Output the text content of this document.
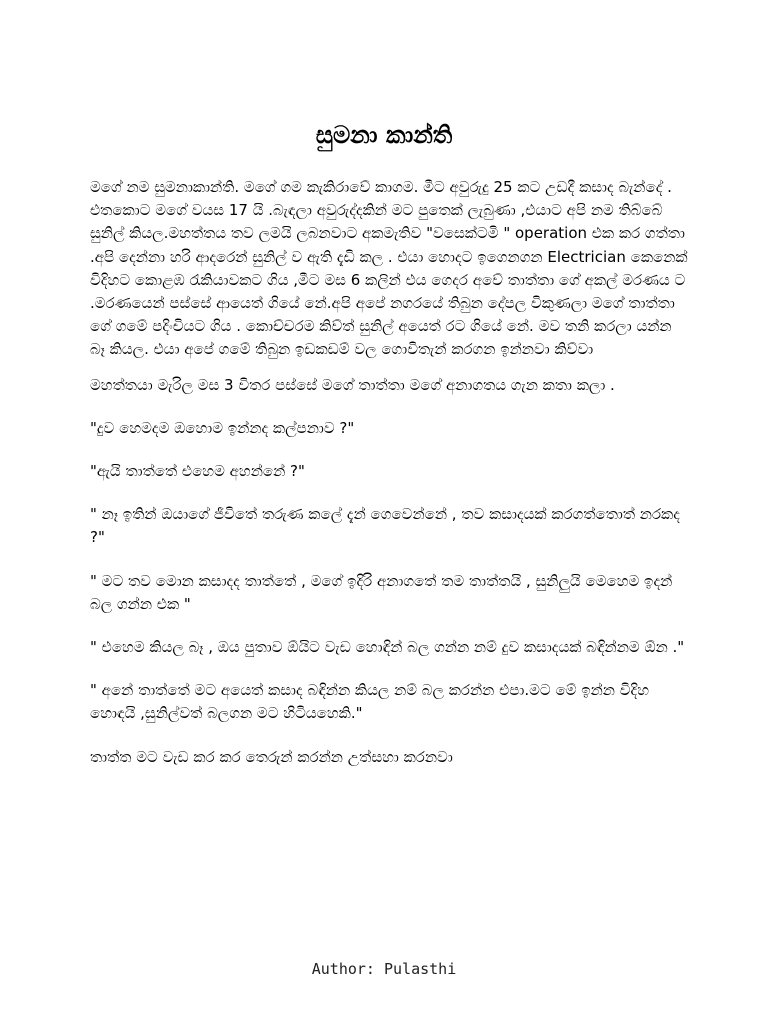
සුමනා කාන්ති

මගේ නම සුමනාකාන්ති. මගේ ගම කැකිරාවේ කාගම. මීට අවුරුදු 25 කට උඩදී කසාද බැන්දේ . එතකොට මගේ වයස 17 යි .බැඳලා අවුරුද්දකින් මට පුතෙක් ලැබුණා ,එයාට අපි නම තිබ්බේ සුනිල් කියල.මහත්තය තව ලමයි ලබනවාට අකමැතිව "වසෙක්ටමි " operation එක කර ගත්තා .අපි දෙන්නා හරි ආදරෙන් සුනිල් ව ඇති දැඩි කල . එයා හොදට ඉගෙනගන Electrician කෙනෙක් විදිහට කොළඹ රැකියාවකට ගිය ,මීට මස 6 කලින් එය ගෙදර අවේ තාත්තා ගේ අකල් මරණය ට .මරණයෙන් පස්සේ ආයෙත් ගියේ නේ.අපි අපේ නගරයේ තිබුන දේපල විකුණලා මගේ තාත්තා ගේ ගමේ පදිංචියට ගිය . කොච්චරම කිව්ත් සුනිල් අයෙත් රට ගියේ නේ. මව තනි කරලා යන්න බෑ කියල. එයා අපේ ගමේ තිබුන ඉඩකඩම් වල ගොවිතැන් කරගන ඉන්නවා කිව්වා

මහත්තයා මැරිල මස 3 විතර පස්සේ මගේ තාත්තා මගේ අනාගතය ගැන කතා කලා .

"දුව හෙමදම ඔහොම ඉන්නද කල්පනාව ?"

"ඇයි තාත්තේ එහෙම අහන්නේ ?"

" නෑ ඉතින් ඔයාගේ ජීවිතේ තරුණ කලේ දැන් ගෙවෙන්නේ , තව කසාදයක් කරගත්තොත් නරකද ?"

" මට තව මොන කසාදද තාත්තේ , මගේ ඉදිරි අනාගතේ තම තාත්තයි , සුනිලුයි මෙහෙම ඉදන් බල ගන්න එක "

" එහෙම කියල බෑ , ඔය පුතාව ඕයිට වැඩ හොඳින් බල ගන්න නම් දුව කසාදයක් බඳින්නම ඕන ."

" අනේ තාත්තේ මට අයෙත් කසාද බඳින්න කියල නම් බල කරන්න එපා.මට මේ ඉන්න විදිහ හොඳයි ,සුනිල්වත් බලගන මට හිටියහෙකි."

තාත්ත මට වැඩ කර කර තෙරුන් කරන්න උත්සහා කරනවා

Author: Pulasthi
